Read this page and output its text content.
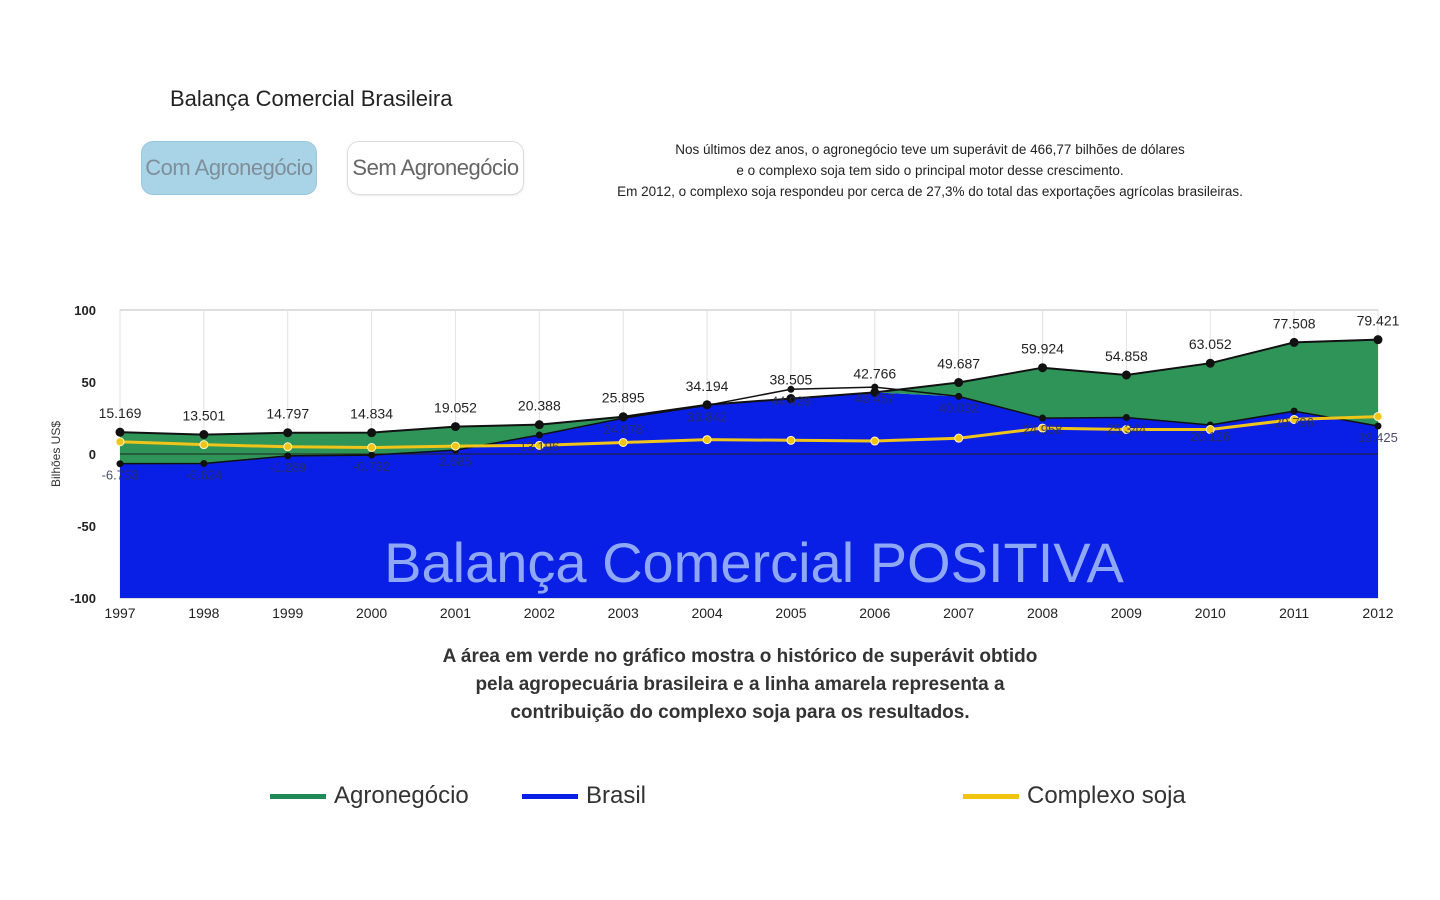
Balança Comercial Brasileira
Com Agronegócio Sem Agronegócio
Nos últimos dez anos, o agronegócio teve um superávit de 466,77 bilhões de dólares
e o complexo soja tem sido o principal motor desse crescimento.
Em 2012, o complexo soja respondeu por cerca de 27,3% do total das exportações agrícolas brasileiras.
Balança Comercial POSITIVA
15.169	13.501	14.797	14.834	19.052	20.388	25.895
34.194	38.505	42.766
49.687
59.924	54.858
63.052
77.508	79.421
-6.753	-6.624
-1.289	-0.732	2.685
13.196
24.878
33.842
44.929	46.457
40.032
24.958	25.344
20.126
29.796
19.425
100
50
0
-50
-100
Bilhões US$
1997	1998	1999	2000	2001	2002	2003	2004	2005	2006	2007	2008	2009	2010	2011	2012
A área em verde no gráfico mostra o histórico de superávit obtido
pela agropecuária brasileira e a linha amarela representa a
contribuição do complexo soja para os resultados.
Agronegócio	Brasil	Complexo soja
